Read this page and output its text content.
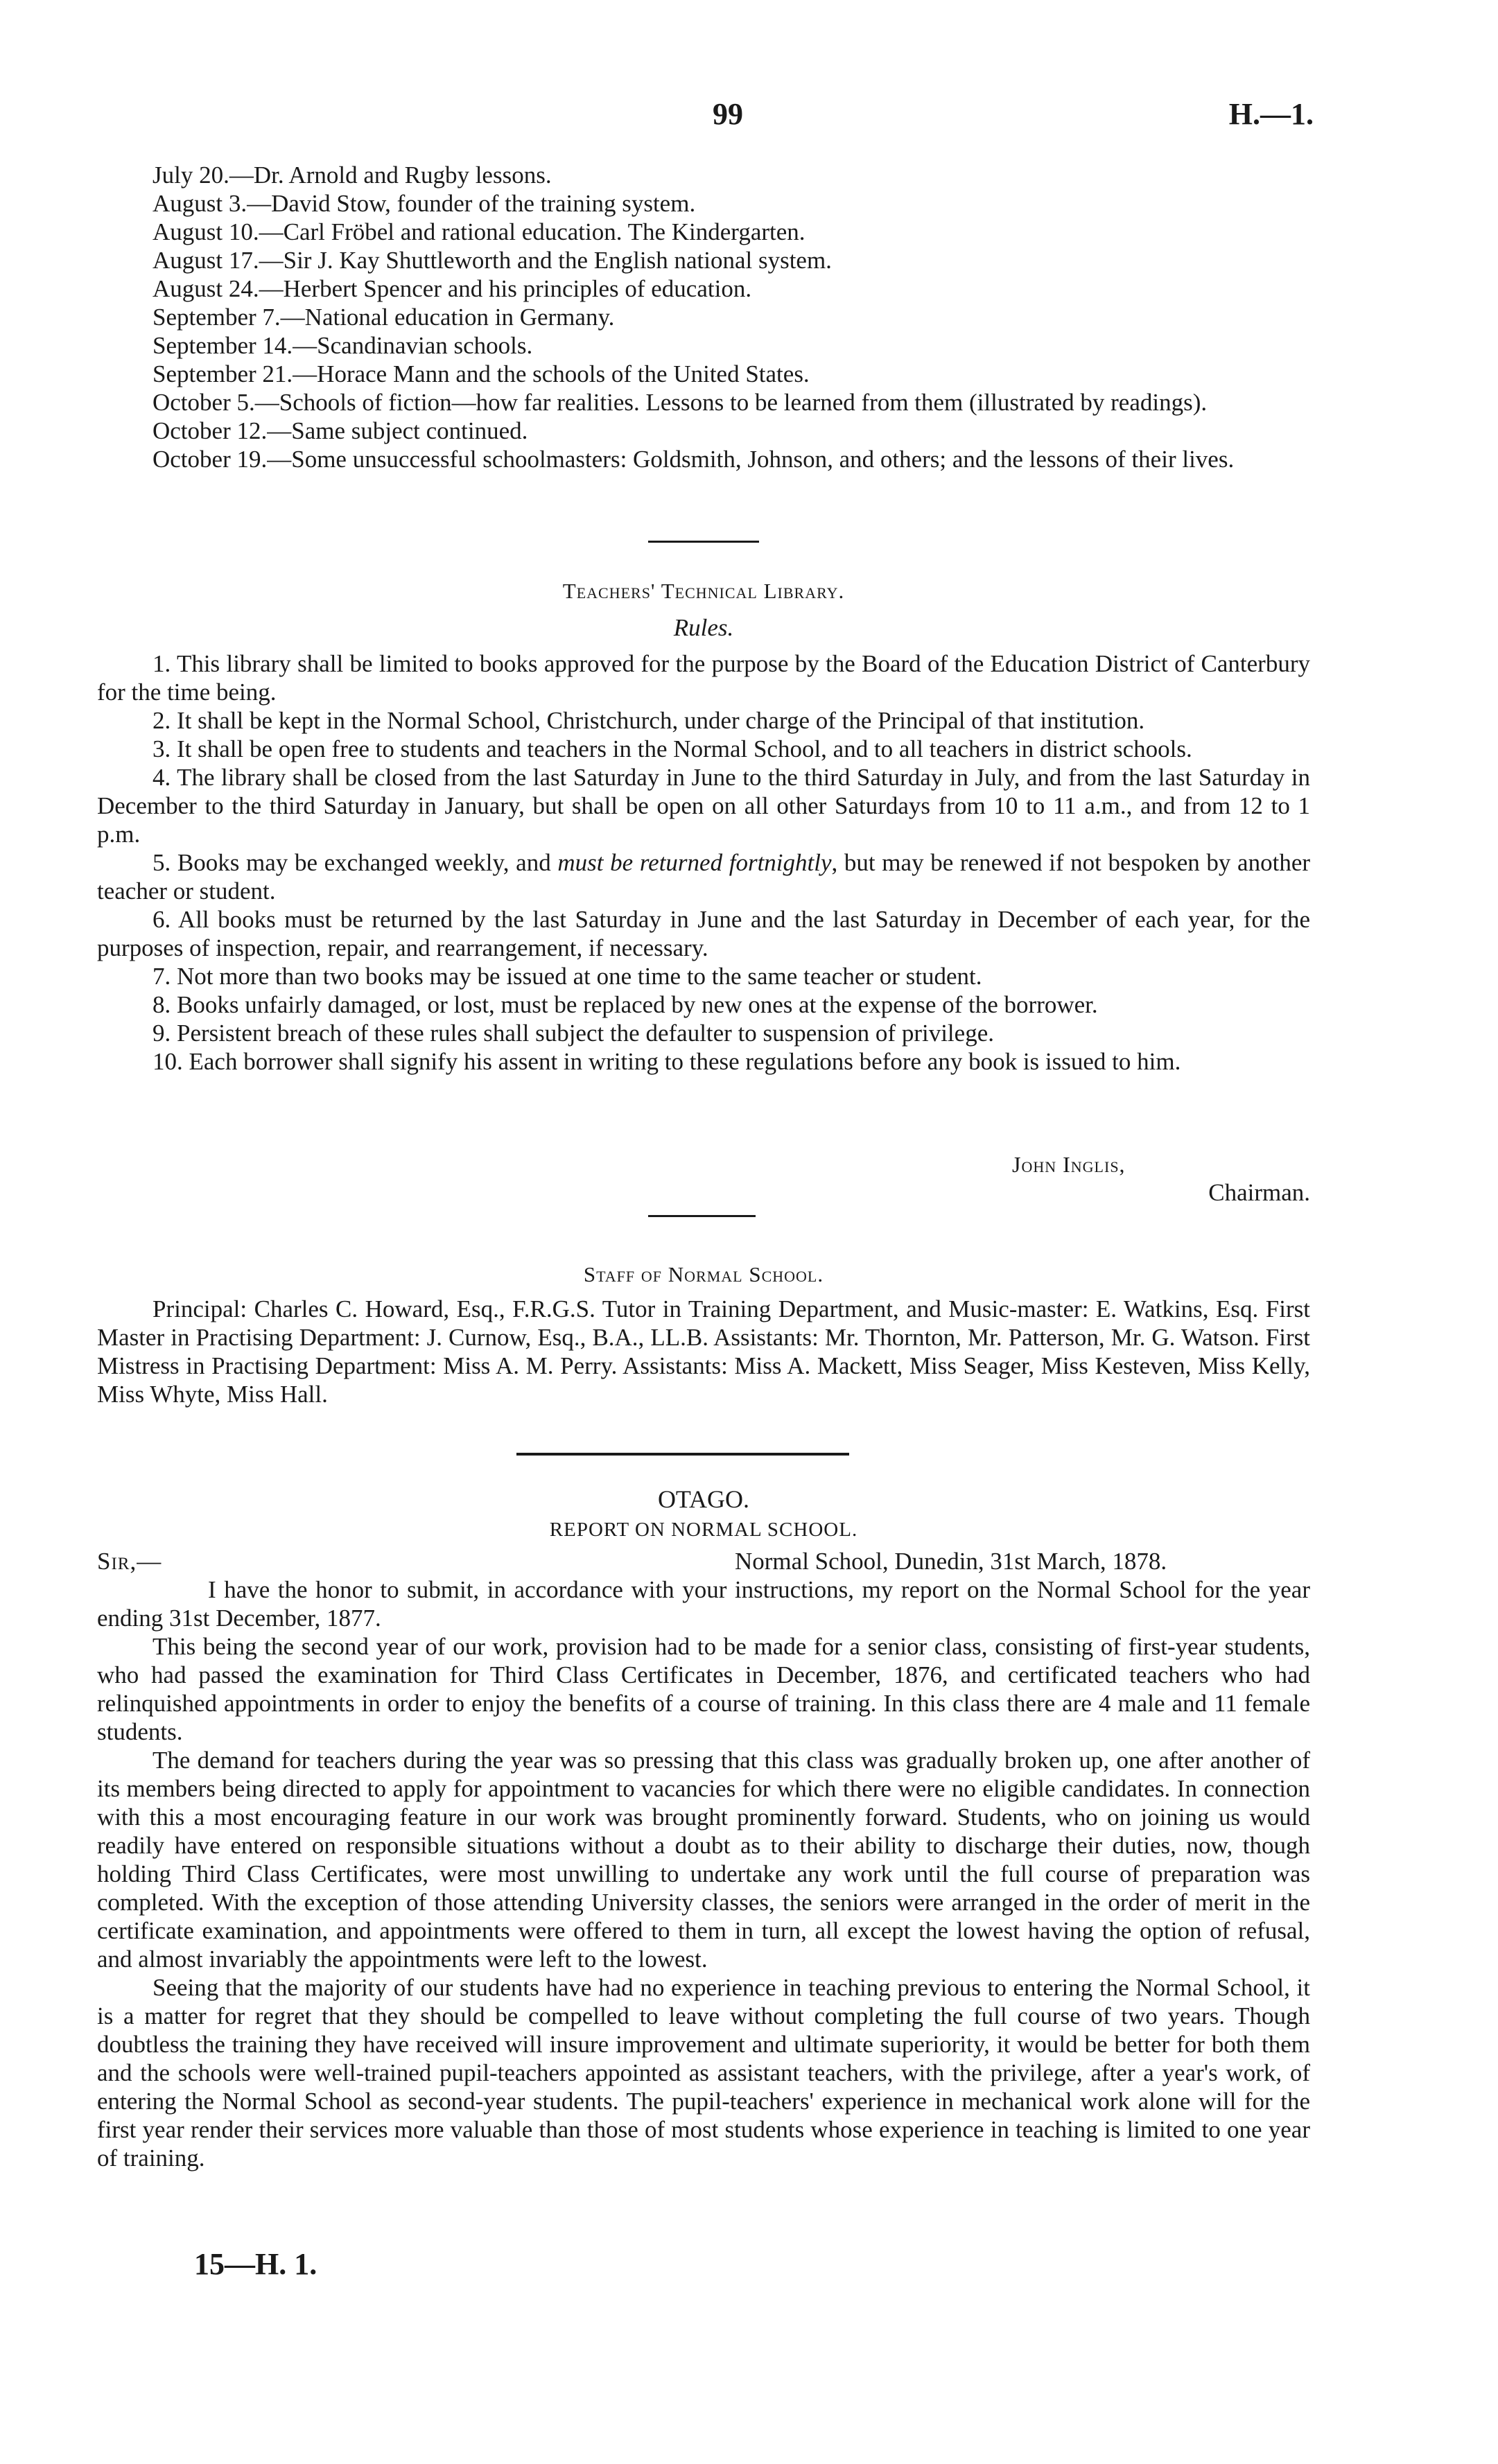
99	H.—1.

July 20.—Dr. Arnold and Rugby lessons.

August 3.—David Stow, founder of the training system.

August 10.—Carl Fröbel and rational education. The Kindergarten.

August 17.—Sir J. Kay Shuttleworth and the English national system.

August 24.—Herbert Spencer and his principles of education.

September 7.—National education in Germany.

September 14.—Scandinavian schools.

September 21.—Horace Mann and the schools of the United States.

October 5.—Schools of fiction—how far realities. Lessons to be learned from them (illustrated by readings).

October 12.—Same subject continued.

October 19.—Some unsuccessful schoolmasters: Goldsmith, Johnson, and others; and the lessons of their lives.

Teachers' Technical Library.
Rules.

1. This library shall be limited to books approved for the purpose by the Board of the Education District of Canterbury for the time being.

2. It shall be kept in the Normal School, Christchurch, under charge of the Principal of that institution.

3. It shall be open free to students and teachers in the Normal School, and to all teachers in district schools.

4. The library shall be closed from the last Saturday in June to the third Saturday in July, and from the last Saturday in December to the third Saturday in January, but shall be open on all other Saturdays from 10 to 11 a.m., and from 12 to 1 p.m.

5. Books may be exchanged weekly, and must be returned fortnightly, but may be renewed if not bespoken by another teacher or student.

6. All books must be returned by the last Saturday in June and the last Saturday in December of each year, for the purposes of inspection, repair, and rearrangement, if necessary.

7. Not more than two books may be issued at one time to the same teacher or student.

8. Books unfairly damaged, or lost, must be replaced by new ones at the expense of the borrower.

9. Persistent breach of these rules shall subject the defaulter to suspension of privilege.

10. Each borrower shall signify his assent in writing to these regulations before any book is issued to him.

John Inglis,
Chairman.
Staff of Normal School.

Principal: Charles C. Howard, Esq., F.R.G.S. Tutor in Training Department, and Music-master: E. Watkins, Esq. First Master in Practising Department: J. Curnow, Esq., B.A., LL.B. Assistants: Mr. Thornton, Mr. Patterson, Mr. G. Watson. First Mistress in Practising Department: Miss A. M. Perry. Assistants: Miss A. Mackett, Miss Seager, Miss Kesteven, Miss Kelly, Miss Whyte, Miss Hall.

OTAGO.
REPORT ON NORMAL SCHOOL.
Sir,—	Normal School, Dunedin, 31st March, 1878.

I have the honor to submit, in accordance with your instructions, my report on the Normal School for the year ending 31st December, 1877.

This being the second year of our work, provision had to be made for a senior class, consisting of first-year students, who had passed the examination for Third Class Certificates in December, 1876, and certificated teachers who had relinquished appointments in order to enjoy the benefits of a course of training. In this class there are 4 male and 11 female students.

The demand for teachers during the year was so pressing that this class was gradually broken up, one after another of its members being directed to apply for appointment to vacancies for which there were no eligible candidates. In connection with this a most encouraging feature in our work was brought prominently forward. Students, who on joining us would readily have entered on responsible situations without a doubt as to their ability to discharge their duties, now, though holding Third Class Certificates, were most unwilling to undertake any work until the full course of preparation was completed. With the exception of those attending University classes, the seniors were arranged in the order of merit in the certificate examination, and appointments were offered to them in turn, all except the lowest having the option of refusal, and almost invariably the appointments were left to the lowest.

Seeing that the majority of our students have had no experience in teaching previous to entering the Normal School, it is a matter for regret that they should be compelled to leave without completing the full course of two years. Though doubtless the training they have received will insure improvement and ultimate superiority, it would be better for both them and the schools were well-trained pupil-teachers appointed as assistant teachers, with the privilege, after a year's work, of entering the Normal School as second-year students. The pupil-teachers' experience in mechanical work alone will for the first year render their services more valuable than those of most students whose experience in teaching is limited to one year of training.

15—H. 1.
